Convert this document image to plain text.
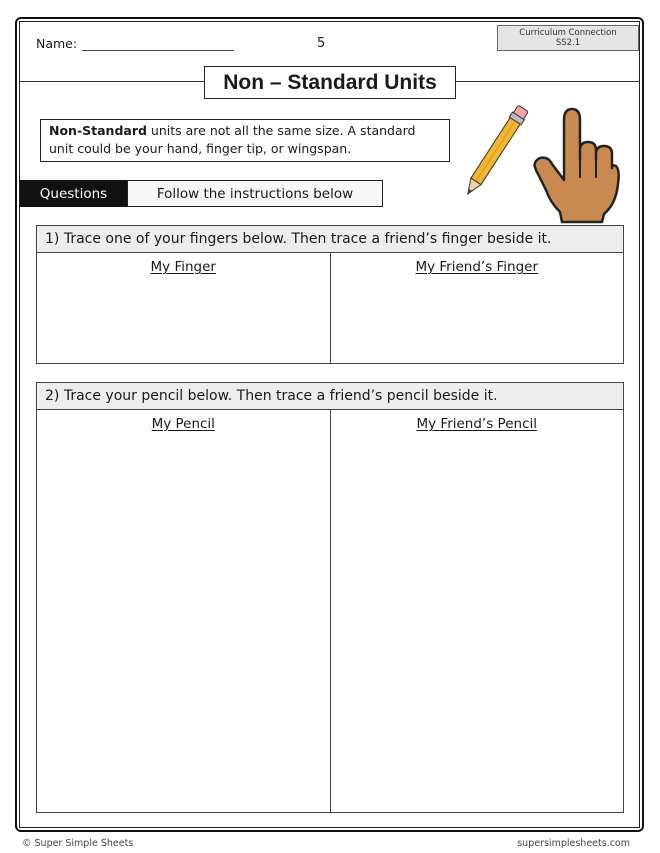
Name:	5
Curriculum Connection
SS2.1
Non – Standard Units
Non-Standard units are not all the same size. A standard unit could be your hand, finger tip, or wingspan.
Questions	Follow the instructions below
1) Trace one of your fingers below. Then trace a friend’s finger beside it.
My Finger	My Friend’s Finger
2) Trace your pencil below. Then trace a friend’s pencil beside it.
My Pencil	My Friend’s Pencil
© Super Simple Sheets	supersimplesheets.com
